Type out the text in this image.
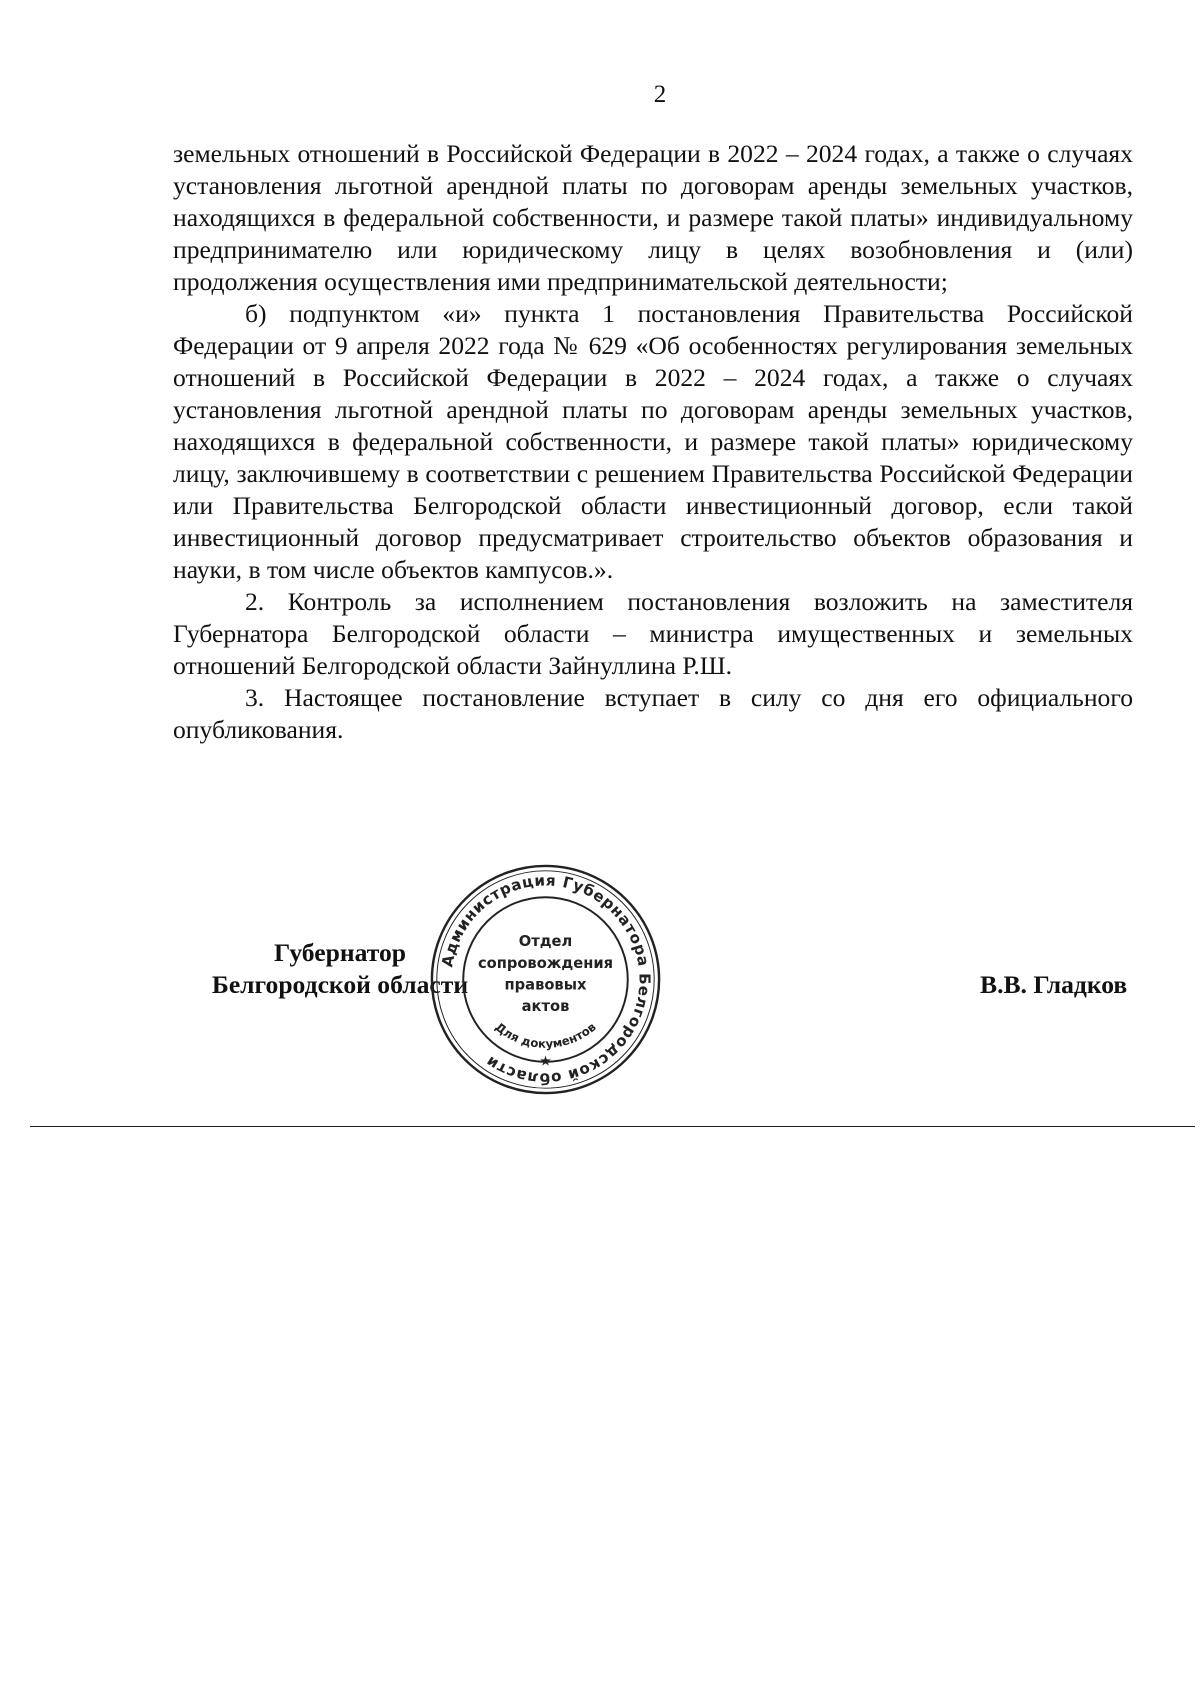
2

земельных отношений в Российской Федерации в 2022 – 2024 годах, а также о случаях установления льготной арендной платы по договорам аренды земельных участков, находящихся в федеральной собственности, и размере такой платы» индивидуальному предпринимателю или юридическому лицу в целях возобновления и (или) продолжения осуществления ими предпринимательской деятельности;

б) подпунктом «и» пункта 1 постановления Правительства Российской Федерации от 9 апреля 2022 года № 629 «Об особенностях регулирования земельных отношений в Российской Федерации в 2022 – 2024 годах, а также о случаях установления льготной арендной платы по договорам аренды земельных участков, находящихся в федеральной собственности, и размере такой платы» юридическому лицу, заключившему в соответствии с решением Правительства Российской Федерации или Правительства Белгородской области инвестиционный договор, если такой инвестиционный договор предусматривает строительство объектов образования и науки, в том числе объектов кампусов.».

2. Контроль за исполнением постановления возложить на заместителя Губернатора Белгородской области – министра имущественных и земельных отношений Белгородской области Зайнуллина Р.Ш.

3. Настоящее постановление вступает в силу со дня его официального опубликования.

Губернатор
Белгородской области	В.В. Гладков
Администрация Губернатора Белгородской области
Отдел
сопровождения
правовых
актов
Для документов
★
